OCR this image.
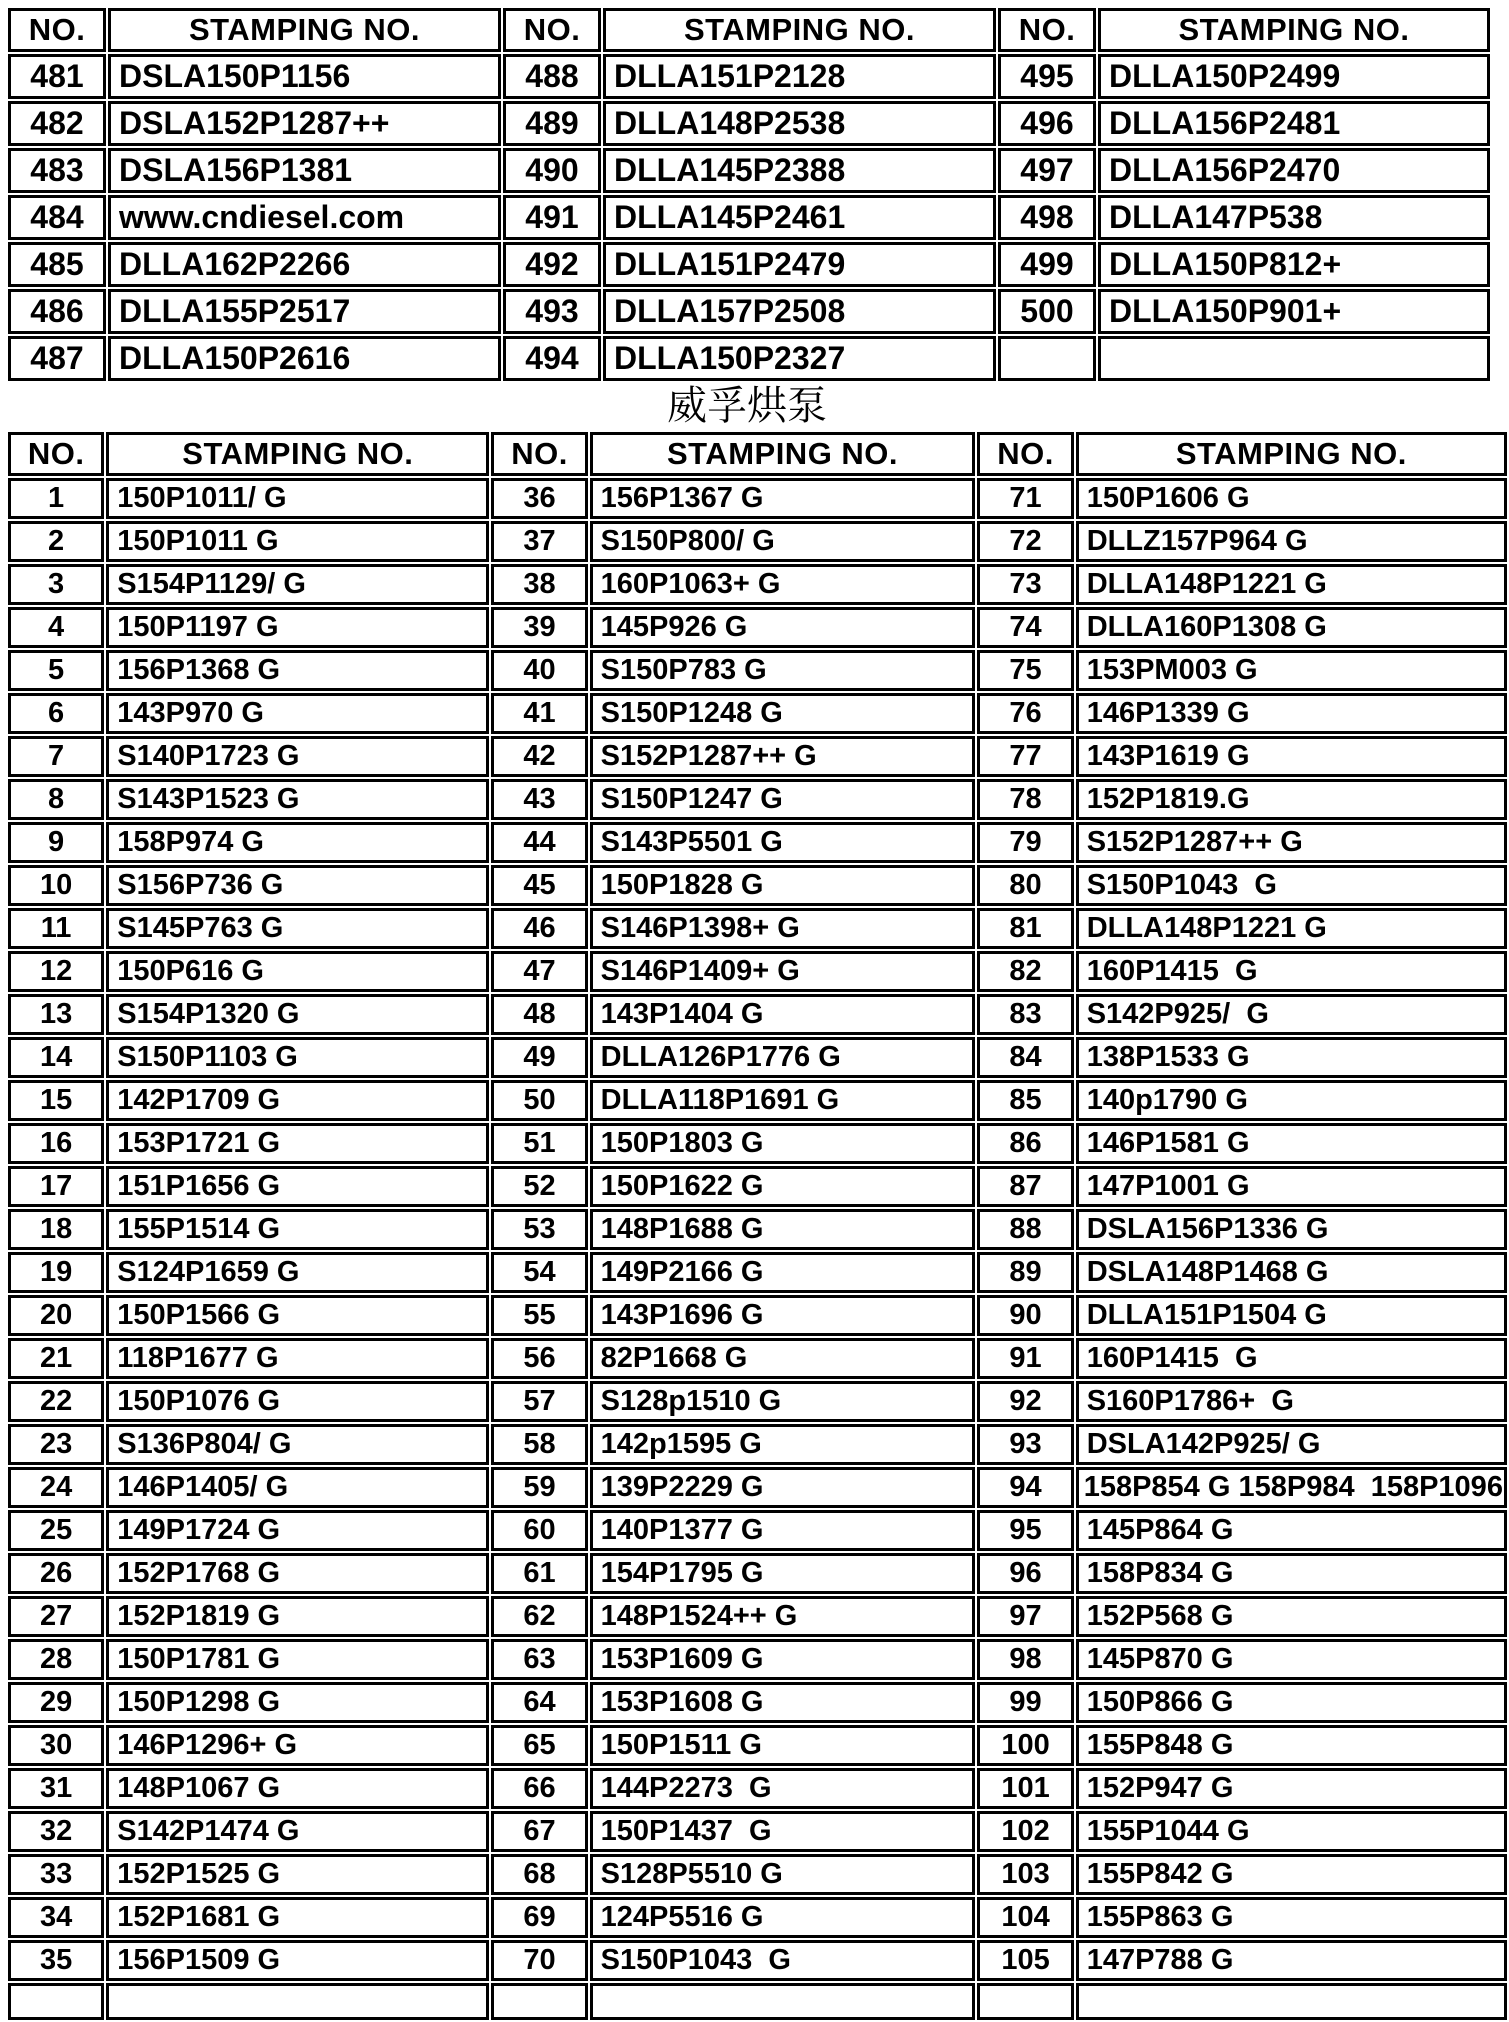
NO.	STAMPING NO.	NO.	STAMPING NO.	NO.	STAMPING NO.
481	DSLA150P1156	488	DLLA151P2128	495	DLLA150P2499
482	DSLA152P1287++	489	DLLA148P2538	496	DLLA156P2481
483	DSLA156P1381	490	DLLA145P2388	497	DLLA156P2470
484	www.cndiesel.com	491	DLLA145P2461	498	DLLA147P538
485	DLLA162P2266	492	DLLA151P2479	499	DLLA150P812+
486	DLLA155P2517	493	DLLA157P2508	500	DLLA150P901+
487	DLLA150P2616	494	DLLA150P2327		
威孚烘泵
NO.	STAMPING NO.	NO.	STAMPING NO.	NO.	STAMPING NO.
1	150P1011/ G	36	156P1367 G	71	150P1606 G
2	150P1011 G	37	S150P800/ G	72	DLLZ157P964 G
3	S154P1129/ G	38	160P1063+ G	73	DLLA148P1221 G
4	150P1197 G	39	145P926 G	74	DLLA160P1308 G
5	156P1368 G	40	S150P783 G	75	153PM003 G
6	143P970 G	41	S150P1248 G	76	146P1339 G
7	S140P1723 G	42	S152P1287++ G	77	143P1619 G
8	S143P1523 G	43	S150P1247 G	78	152P1819.G
9	158P974 G	44	S143P5501 G	79	S152P1287++ G
10	S156P736 G	45	150P1828 G	80	S150P1043  G
11	S145P763 G	46	S146P1398+ G	81	DLLA148P1221 G
12	150P616 G	47	S146P1409+ G	82	160P1415  G
13	S154P1320 G	48	143P1404 G	83	S142P925/  G
14	S150P1103 G	49	DLLA126P1776 G	84	138P1533 G
15	142P1709 G	50	DLLA118P1691 G	85	140p1790 G
16	153P1721 G	51	150P1803 G	86	146P1581 G
17	151P1656 G	52	150P1622 G	87	147P1001 G
18	155P1514 G	53	148P1688 G	88	DSLA156P1336 G
19	S124P1659 G	54	149P2166 G	89	DSLA148P1468 G
20	150P1566 G	55	143P1696 G	90	DLLA151P1504 G
21	118P1677 G	56	82P1668 G	91	160P1415  G
22	150P1076 G	57	S128p1510 G	92	S160P1786+  G
23	S136P804/ G	58	142p1595 G	93	DSLA142P925/ G
24	146P1405/ G	59	139P2229 G	94	158P854 G 158P984  158P1096
25	149P1724 G	60	140P1377 G	95	145P864 G
26	152P1768 G	61	154P1795 G	96	158P834 G
27	152P1819 G	62	148P1524++ G	97	152P568 G
28	150P1781 G	63	153P1609 G	98	145P870 G
29	150P1298 G	64	153P1608 G	99	150P866 G
30	146P1296+ G	65	150P1511 G	100	155P848 G
31	148P1067 G	66	144P2273  G	101	152P947 G
32	S142P1474 G	67	150P1437  G	102	155P1044 G
33	152P1525 G	68	S128P5510 G	103	155P842 G
34	152P1681 G	69	124P5516 G	104	155P863 G
35	156P1509 G	70	S150P1043  G	105	147P788 G
